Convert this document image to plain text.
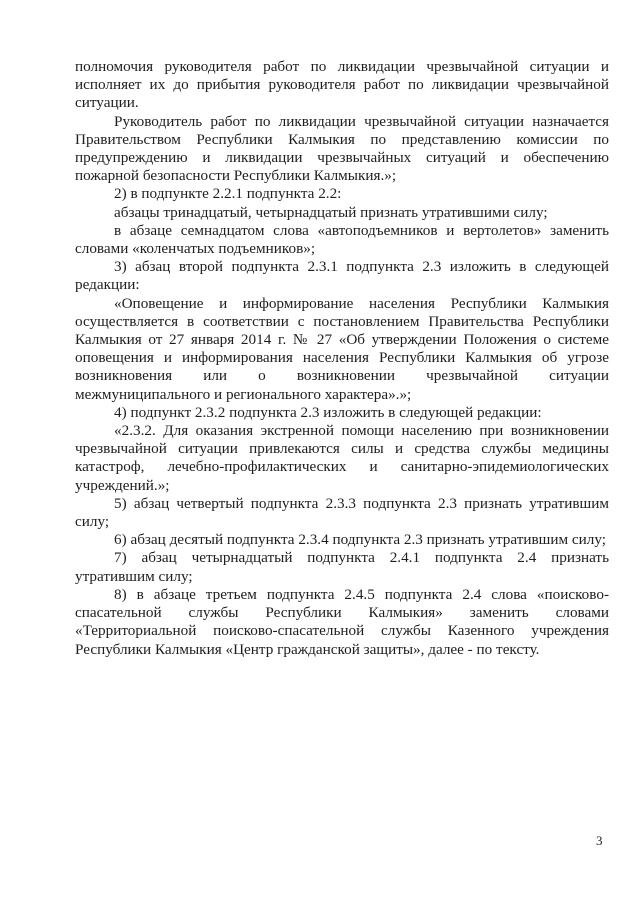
полномочия руководителя работ по ликвидации чрезвычайной ситуации и исполняет их до прибытия руководителя работ по ликвидации чрезвычайной ситуации.

Руководитель работ по ликвидации чрезвычайной ситуации назначается Правительством Республики Калмыкия по представлению комиссии по предупреждению и ликвидации чрезвычайных ситуаций и обеспечению пожарной безопасности Республики Калмыкия.»;

2) в подпункте 2.2.1 подпункта 2.2:

абзацы тринадцатый, четырнадцатый признать утратившими силу;

в абзаце семнадцатом слова «автоподъемников и вертолетов» заменить словами «коленчатых подъемников»;

3) абзац второй подпункта 2.3.1 подпункта 2.3 изложить в следующей редакции:

«Оповещение и информирование населения Республики Калмыкия осуществляется в соответствии с постановлением Правительства Республики Калмыкия от 27 января 2014 г. № 27 «Об утверждении Положения о системе оповещения и информирования населения Республики Калмыкия об угрозе возникновения или о возникновении чрезвычайной ситуации межмуниципального и регионального характера».»;

4) подпункт 2.3.2 подпункта 2.3 изложить в следующей редакции:

«2.3.2. Для оказания экстренной помощи населению при возникновении чрезвычайной ситуации привлекаются силы и средства службы медицины катастроф, лечебно-профилактических и санитарно-эпидемиологических учреждений.»;

5) абзац четвертый подпункта 2.3.3 подпункта 2.3 признать утратившим силу;

6) абзац десятый подпункта 2.3.4 подпункта 2.3 признать утратившим силу;

7) абзац четырнадцатый подпункта 2.4.1 подпункта 2.4 признать утратившим силу;

8) в абзаце третьем подпункта 2.4.5 подпункта 2.4 слова «поисково-спасательной службы Республики Калмыкия» заменить словами «Территориальной поисково-спасательной службы Казенного учреждения Республики Калмыкия «Центр гражданской защиты», далее - по тексту.

3
